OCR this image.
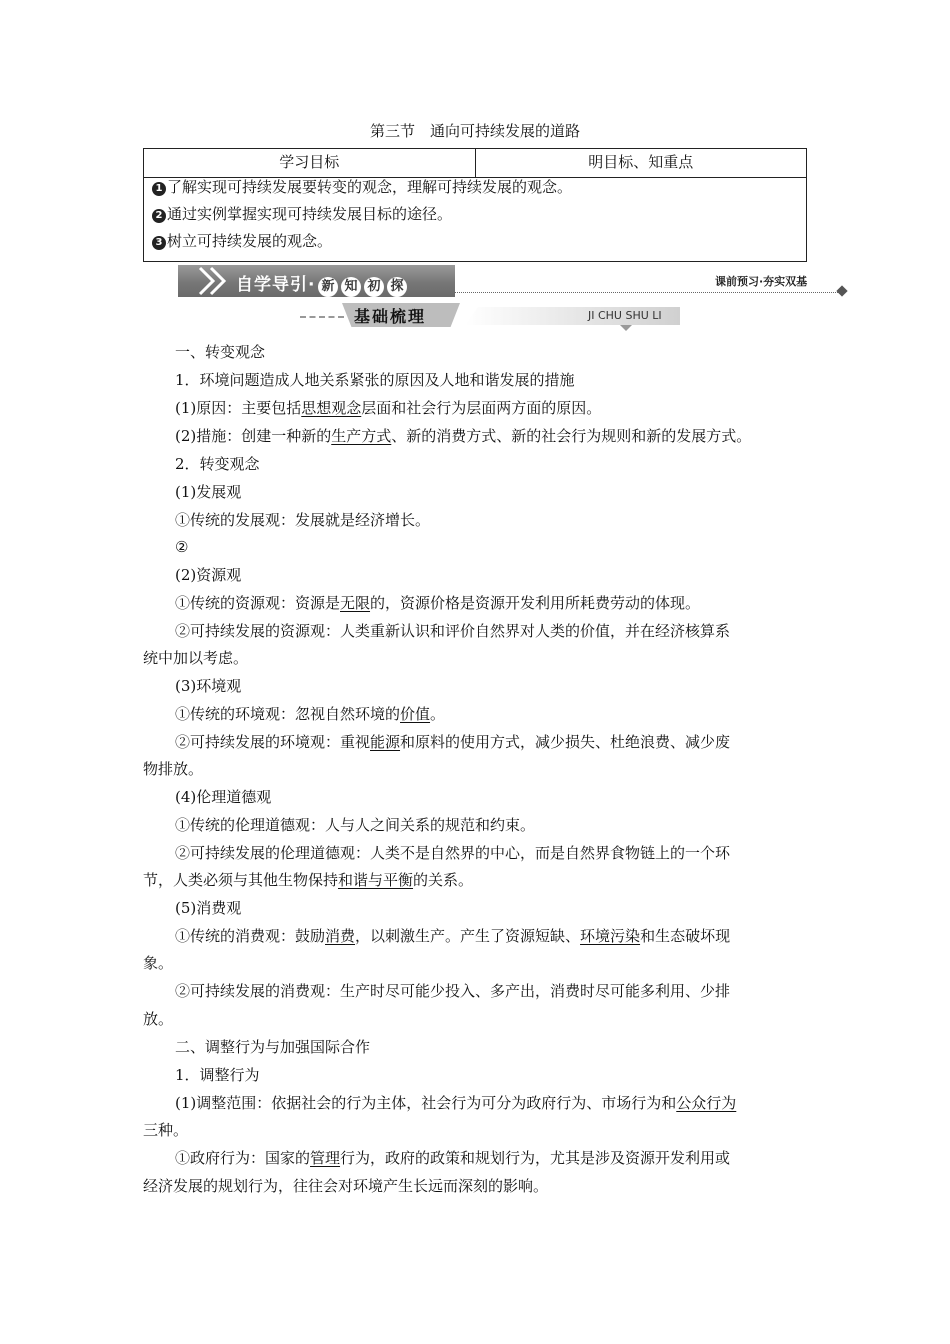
第三节　通向可持续发展的道路
学习目标	明目标、知重点
1 了解实现可持续发展要转变的观念，理解可持续发展的观念。
2 通过实例掌握实现可持续发展目标的途径。
3 树立可持续发展的观念。
自学导引· 新 知 初 探	课前预习·夯实双基
基础梳理	JI CHU SHU LI

一、转变观念

1．环境问题造成人地关系紧张的原因及人地和谐发展的措施

(1)原因：主要包括思想观念层面和社会行为层面两方面的原因。

(2)措施：创建一种新的生产方式、新的消费方式、新的社会行为规则和新的发展方式。

2．转变观念

(1)发展观

①传统的发展观：发展就是经济增长。

②

(2)资源观

①传统的资源观：资源是无限的，资源价格是资源开发利用所耗费劳动的体现。

②可持续发展的资源观：人类重新认识和评价自然界对人类的价值，并在经济核算系

统中加以考虑。

(3)环境观

①传统的环境观：忽视自然环境的价值。

②可持续发展的环境观：重视能源和原料的使用方式，减少损失、杜绝浪费、减少废

物排放。

(4)伦理道德观

①传统的伦理道德观：人与人之间关系的规范和约束。

②可持续发展的伦理道德观：人类不是自然界的中心，而是自然界食物链上的一个环

节，人类必须与其他生物保持和谐与平衡的关系。

(5)消费观

①传统的消费观：鼓励消费，以刺激生产。产生了资源短缺、环境污染和生态破坏现

象。

②可持续发展的消费观：生产时尽可能少投入、多产出，消费时尽可能多利用、少排

放。

二、调整行为与加强国际合作

1．调整行为

(1)调整范围：依据社会的行为主体，社会行为可分为政府行为、市场行为和公众行为

三种。

①政府行为：国家的管理行为，政府的政策和规划行为，尤其是涉及资源开发利用或

经济发展的规划行为，往往会对环境产生长远而深刻的影响。
